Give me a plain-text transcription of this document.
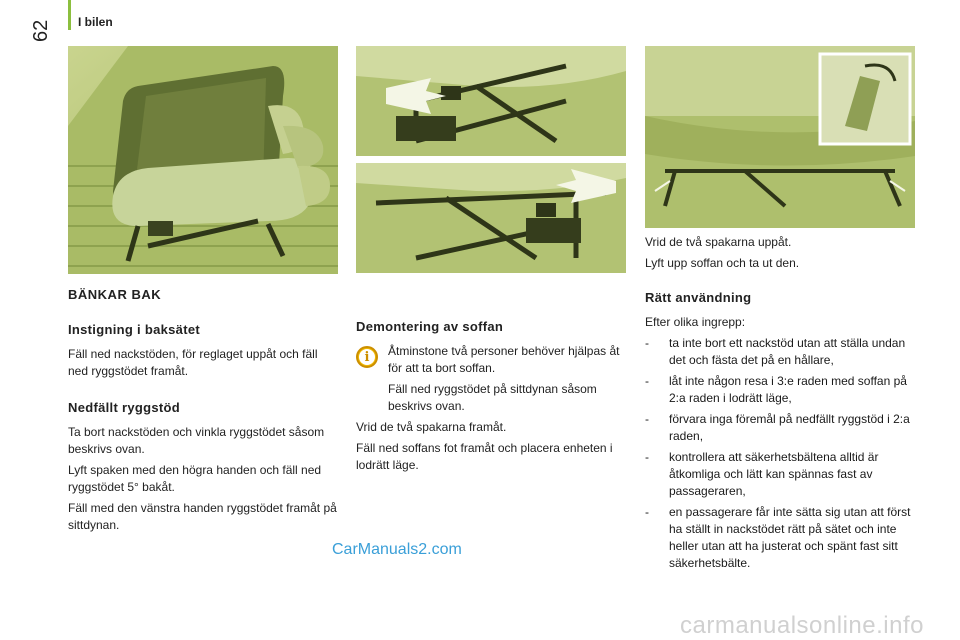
62 I bilen
BÄNKAR BAK
Instigning i baksätet

Fäll ned nackstöden, för reglaget uppåt och fäll ned ryggstödet framåt.

Nedfällt ryggstöd

Ta bort nackstöden och vinkla ryggstödet såsom beskrivs ovan.

Lyft spaken med den högra handen och fäll ned ryggstödet 5° bakåt.

Fäll med den vänstra handen ryggstödet framåt på sittdynan.

Demontering av soffan
i	Åtminstone två personer behöver hjälpas åt för att ta bort soffan.

Fäll ned ryggstödet på sittdynan såsom beskrivs ovan.

Vrid de två spakarna framåt.

Fäll ned soffans fot framåt och placera enheten i lodrätt läge.

Vrid de två spakarna uppåt.

Lyft upp soffan och ta ut den.

Rätt användning

Efter olika ingrepp:

-	ta inte bort ett nackstöd utan att ställa undan det och fästa det på en hållare,
-	låt inte någon resa i 3:e raden med soffan på 2:a raden i lodrätt läge,
-	förvara inga föremål på nedfällt ryggstöd i 2:a raden,
-	kontrollera att säkerhetsbältena alltid är åtkomliga och lätt kan spännas fast av passageraren,
-	en passagerare får inte sätta sig utan att först ha ställt in nackstödet rätt på sätet och inte heller utan att ha justerat och spänt fast sitt säkerhetsbälte.
CarManuals2.com
carmanualsonline.info
